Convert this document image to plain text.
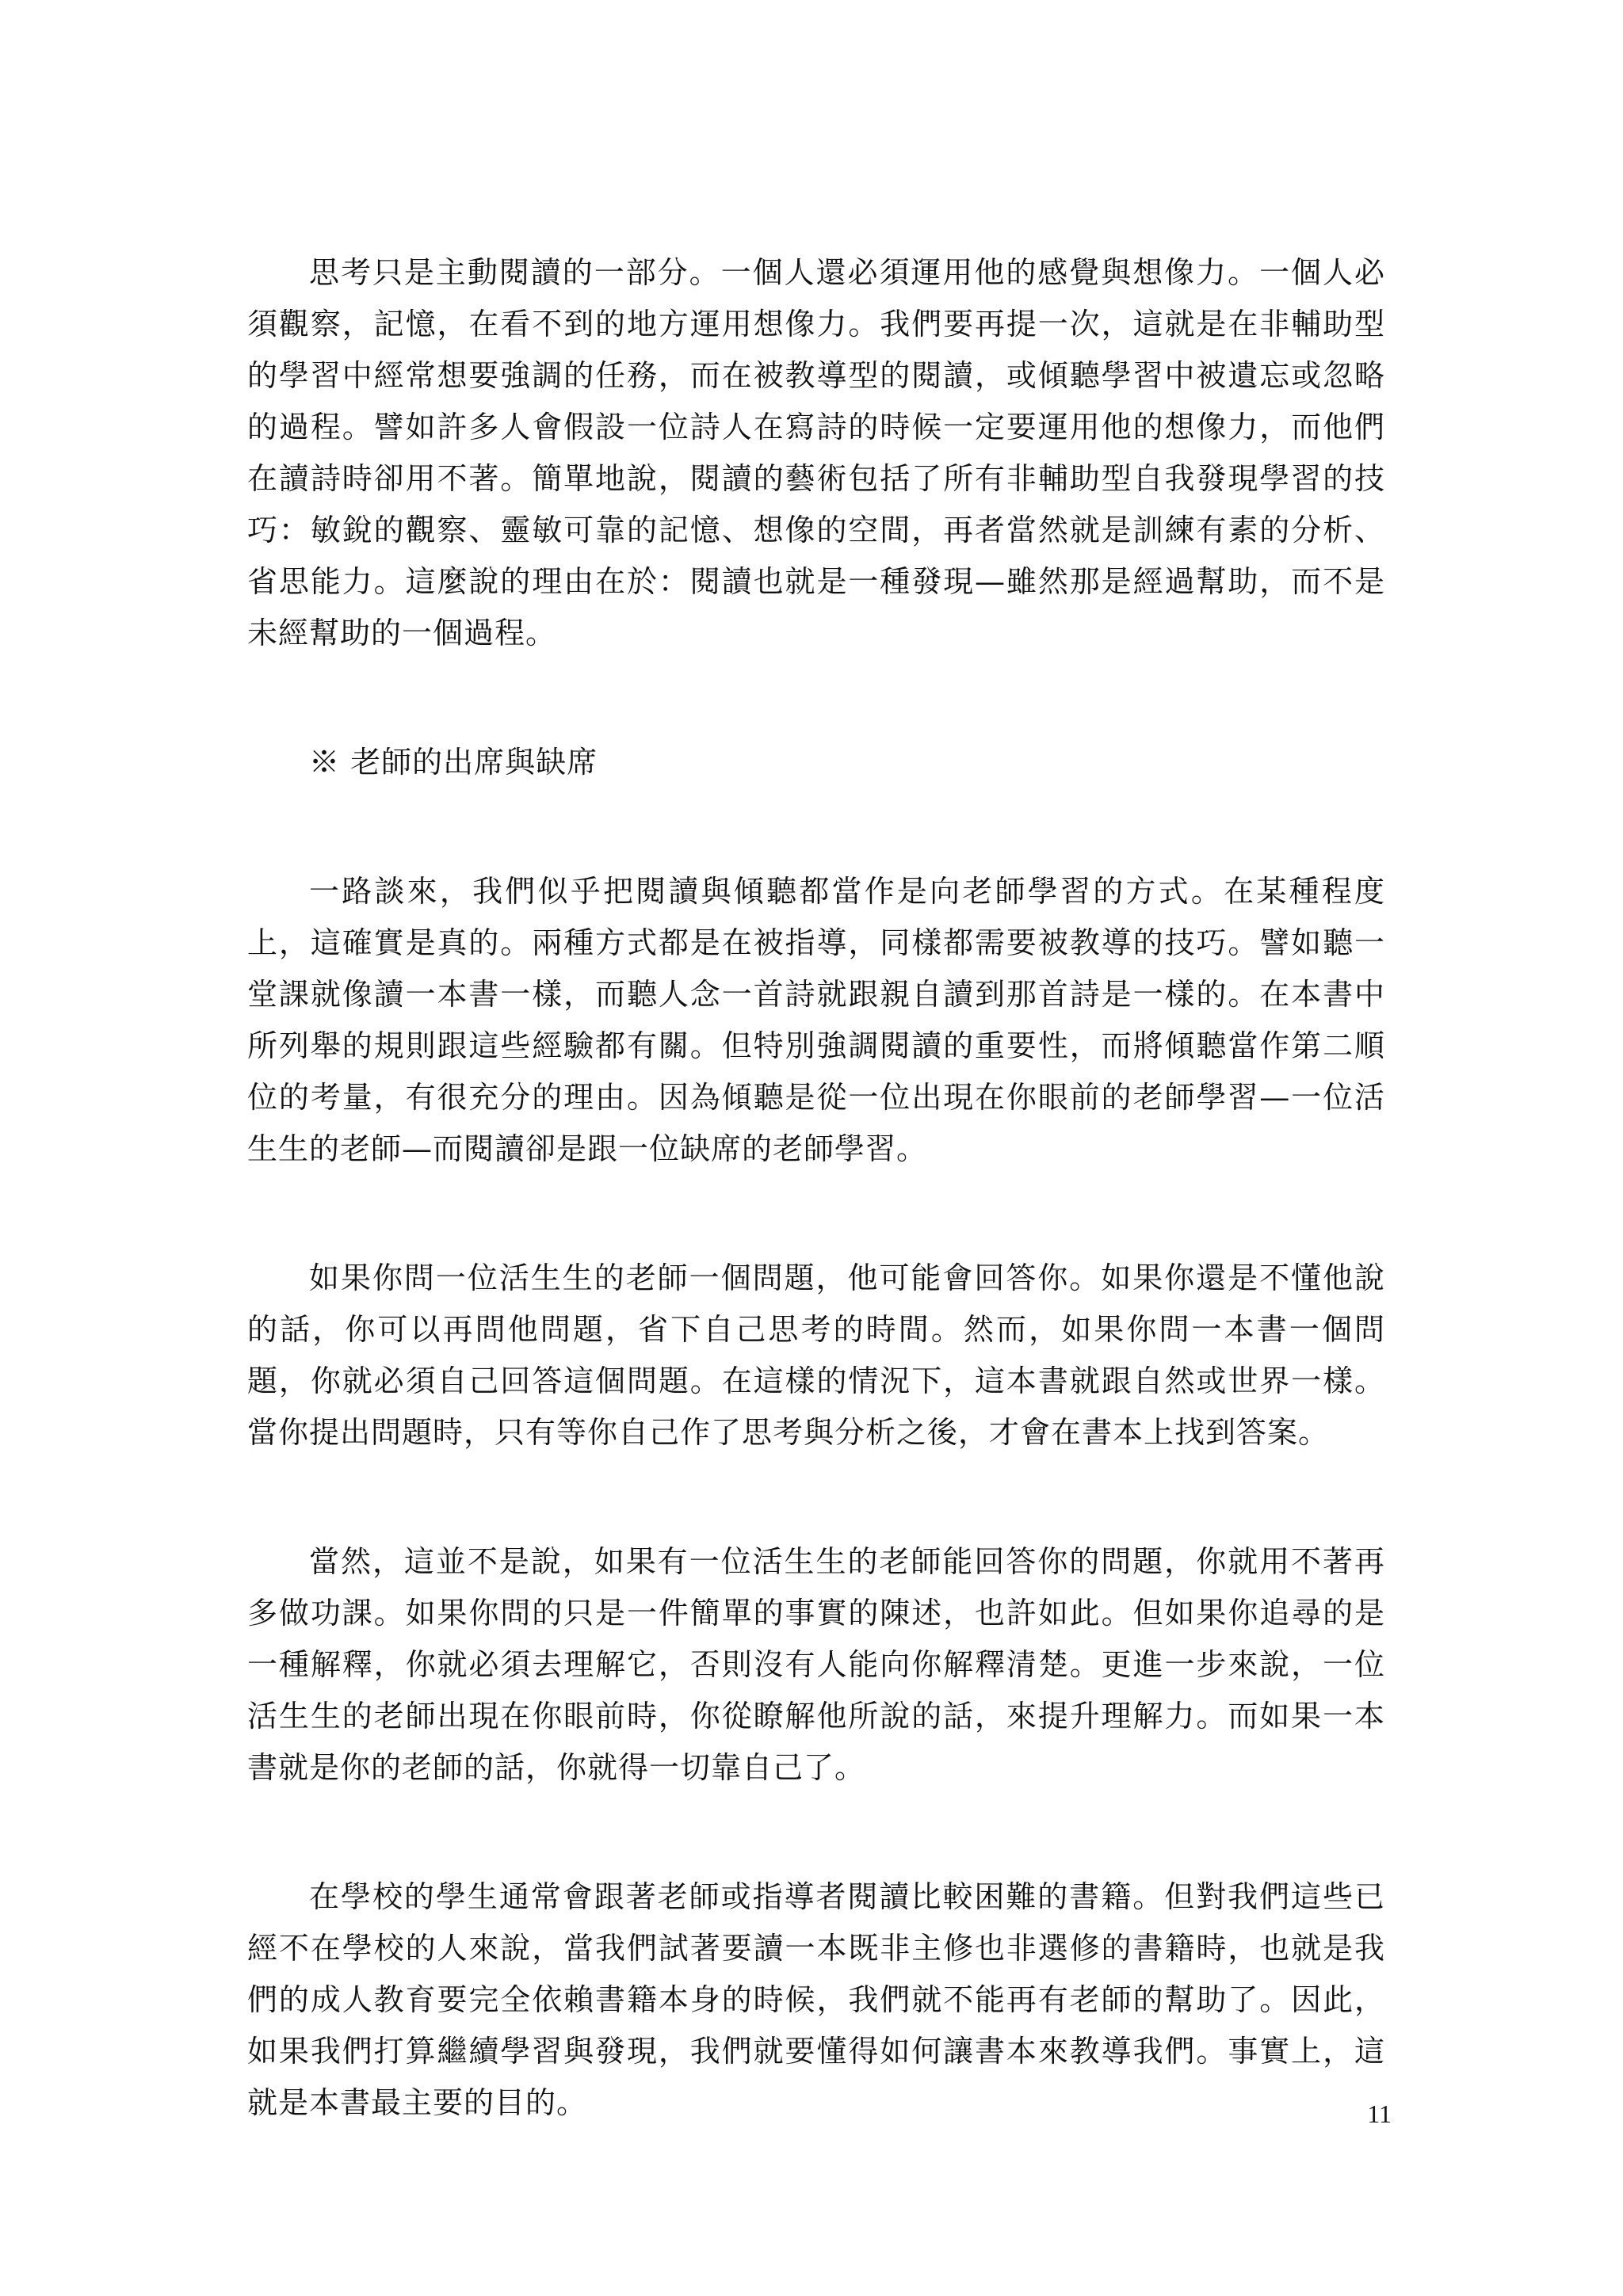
思考只是主動閱讀的一部分。一個人還必須運用他的感覺與想像力。一個人必須觀察，記憶，在看不到的地方運用想像力。我們要再提一次，這就是在非輔助型的學習中經常想要強調的任務，而在被教導型的閱讀，或傾聽學習中被遺忘或忽略的過程。譬如許多人會假設一位詩人在寫詩的時候一定要運用他的想像力，而他們在讀詩時卻用不著。簡單地說，閱讀的藝術包括了所有非輔助型自我發現學習的技巧：敏銳的觀察、靈敏可靠的記憶、想像的空間，再者當然就是訓練有素的分析、省思能力。這麼說的理由在於：閱讀也就是一種發現—雖然那是經過幫助，而不是未經幫助的一個過程。

※ 老師的出席與缺席

一路談來，我們似乎把閱讀與傾聽都當作是向老師學習的方式。在某種程度上，這確實是真的。兩種方式都是在被指導，同樣都需要被教導的技巧。譬如聽一堂課就像讀一本書一樣，而聽人念一首詩就跟親自讀到那首詩是一樣的。在本書中所列舉的規則跟這些經驗都有關。但特別強調閱讀的重要性，而將傾聽當作第二順位的考量，有很充分的理由。因為傾聽是從一位出現在你眼前的老師學習—一位活生生的老師—而閱讀卻是跟一位缺席的老師學習。

如果你問一位活生生的老師一個問題，他可能會回答你。如果你還是不懂他說的話，你可以再問他問題，省下自己思考的時間。然而，如果你問一本書一個問題，你就必須自己回答這個問題。在這樣的情況下，這本書就跟自然或世界一樣。當你提出問題時，只有等你自己作了思考與分析之後，才會在書本上找到答案。

當然，這並不是說，如果有一位活生生的老師能回答你的問題，你就用不著再多做功課。如果你問的只是一件簡單的事實的陳述，也許如此。但如果你追尋的是一種解釋，你就必須去理解它，否則沒有人能向你解釋清楚。更進一步來說，一位活生生的老師出現在你眼前時，你從瞭解他所說的話，來提升理解力。而如果一本書就是你的老師的話，你就得一切靠自己了。

在學校的學生通常會跟著老師或指導者閱讀比較困難的書籍。但對我們這些已經不在學校的人來說，當我們試著要讀一本既非主修也非選修的書籍時，也就是我們的成人教育要完全依賴書籍本身的時候，我們就不能再有老師的幫助了。因此，如果我們打算繼續學習與發現，我們就要懂得如何讓書本來教導我們。事實上，這就是本書最主要的目的。	11
